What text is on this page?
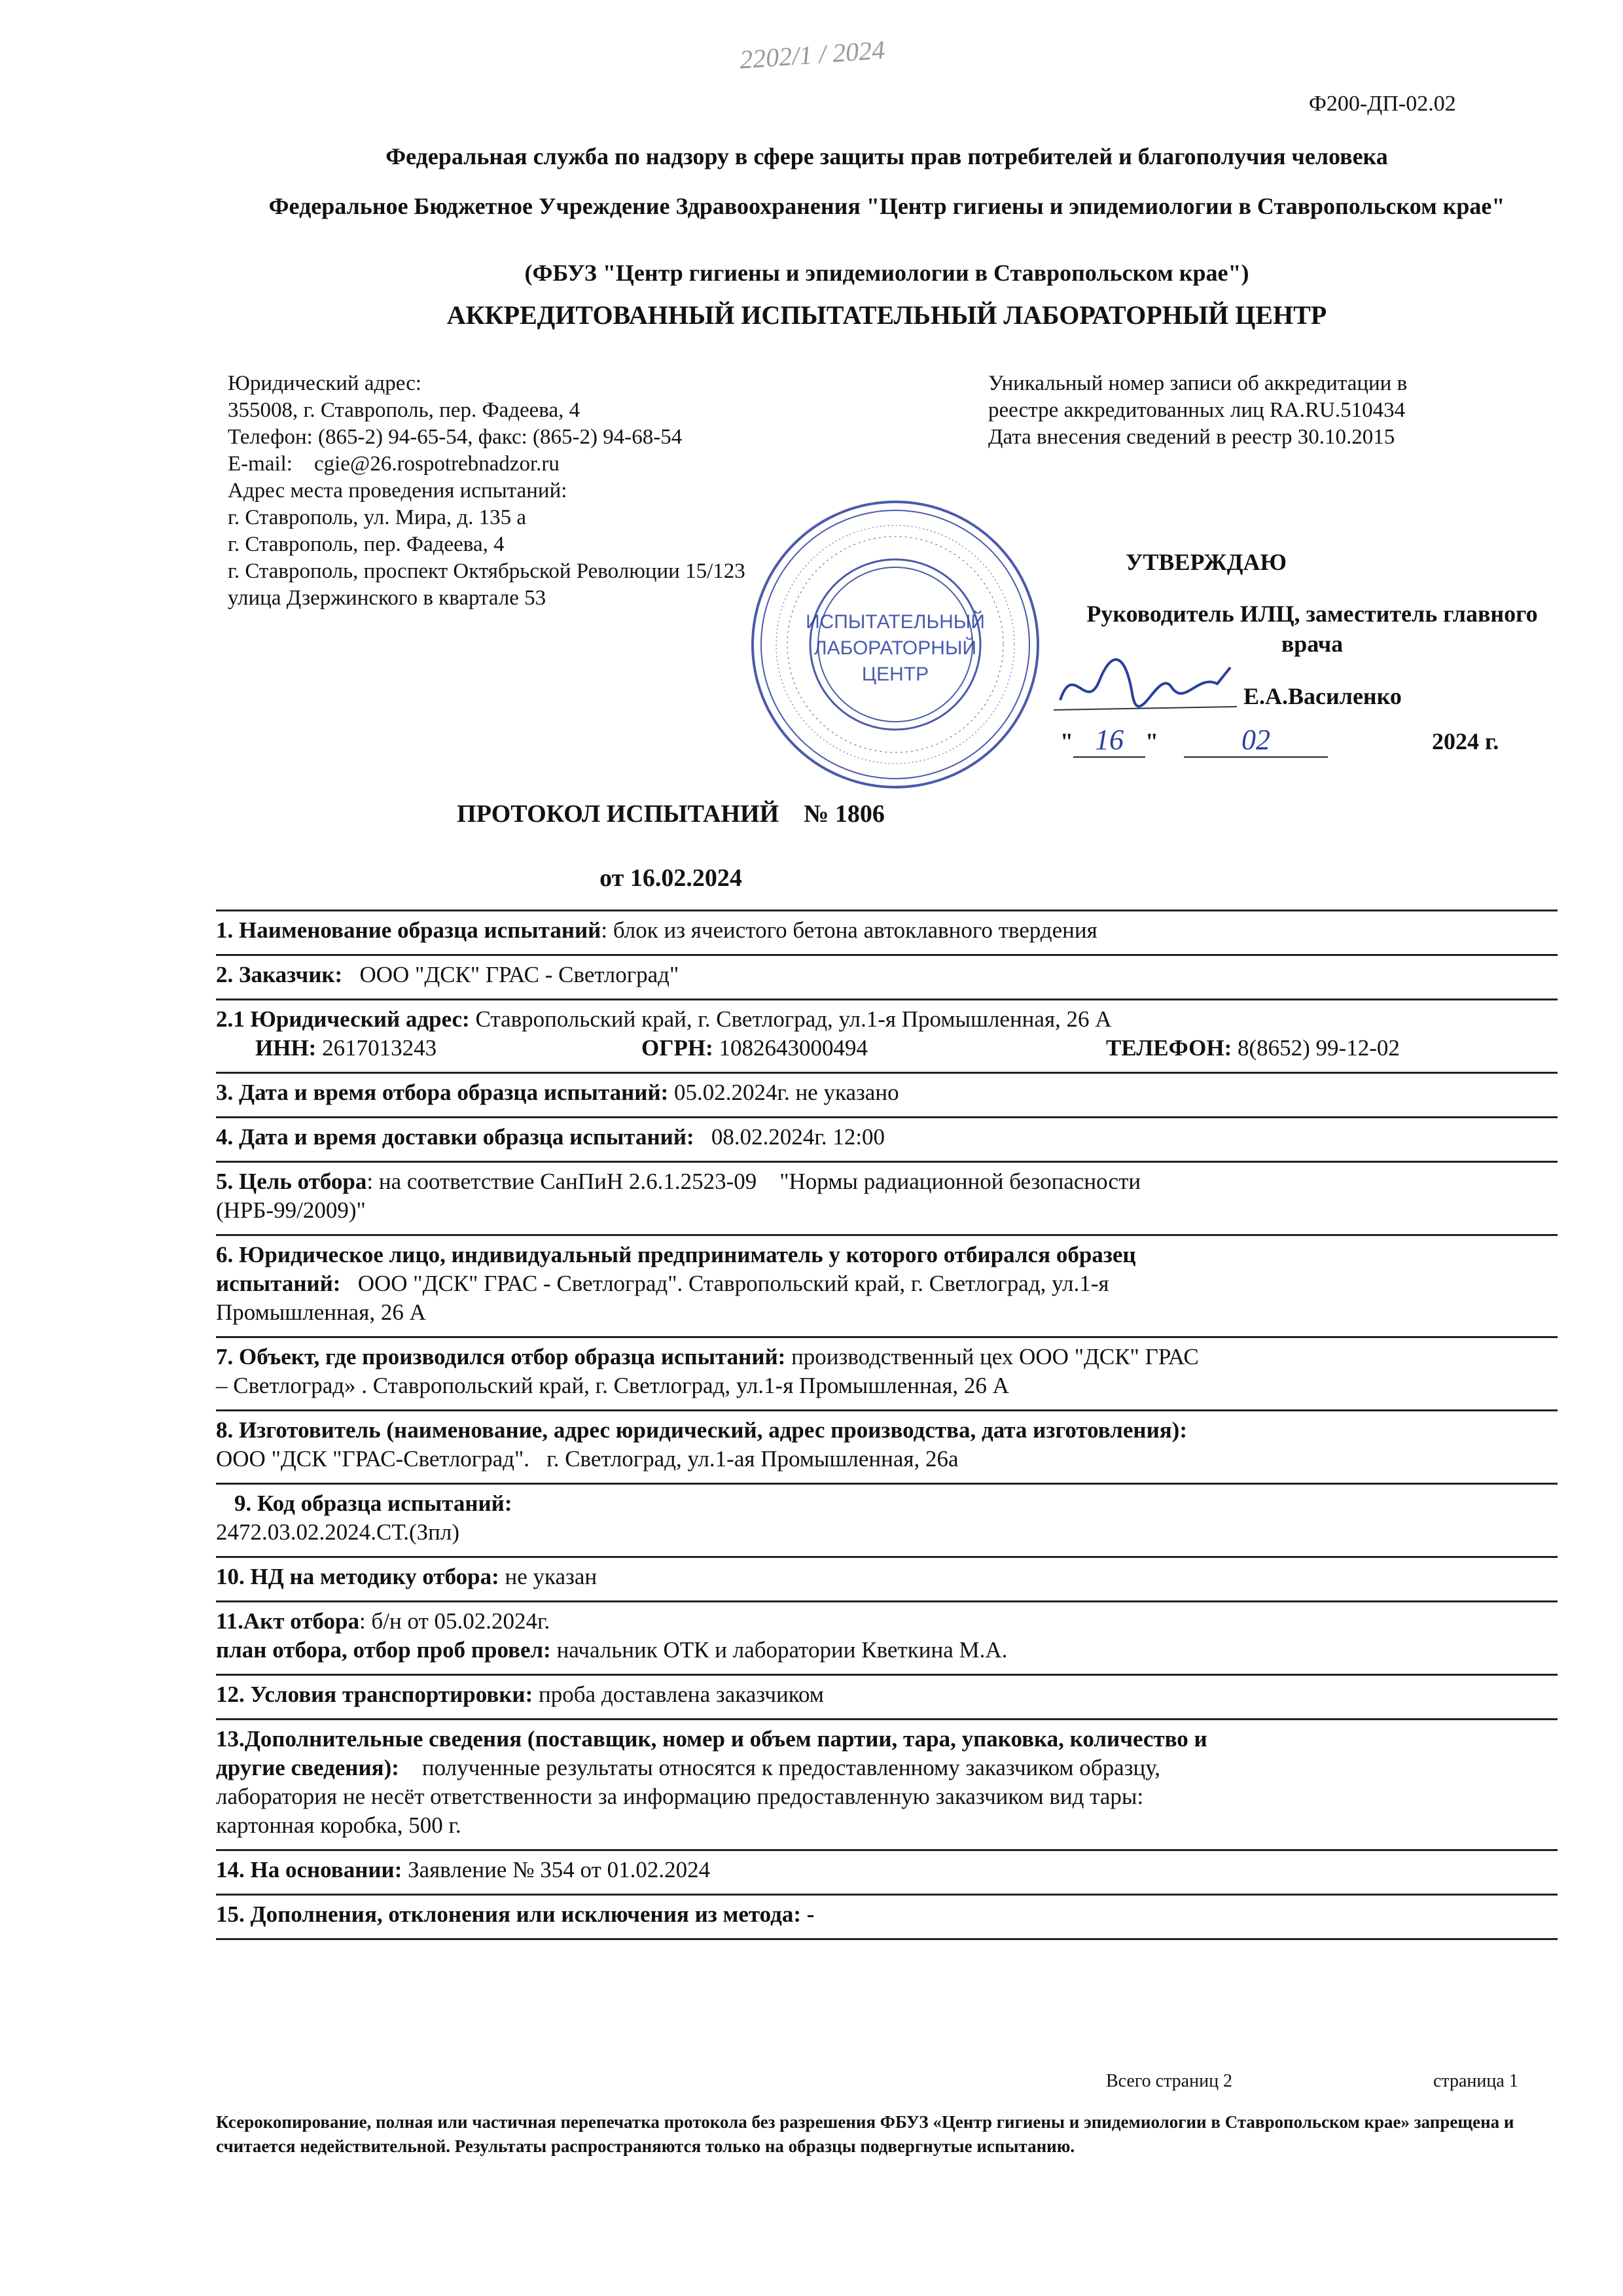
2202/1 / 2024
Ф200-ДП-02.02
Федеральная служба по надзору в сфере защиты прав потребителей и благополучия человека
Федеральное Бюджетное Учреждение Здравоохранения "Центр гигиены и эпидемиологии в Ставропольском крае"
(ФБУЗ "Центр гигиены и эпидемиологии в Ставропольском крае")
АККРЕДИТОВАННЫЙ ИСПЫТАТЕЛЬНЫЙ ЛАБОРАТОРНЫЙ ЦЕНТР
Юридический адрес:
355008, г. Ставрополь, пер. Фадеева, 4
Телефон: (865-2) 94-65-54, факс: (865-2) 94-68-54
E-mail:    cgie@26.rospotrebnadzor.ru
Адрес места проведения испытаний:
г. Ставрополь, ул. Мира, д. 135 а
г. Ставрополь, пер. Фадеева, 4
г. Ставрополь, проспект Октябрьской Революции 15/123
улица Дзержинского в квартале 53
Уникальный номер записи об аккредитации в
реестре аккредитованных лиц RA.RU.510434
Дата внесения сведений в реестр 30.10.2015
ИСПЫТАТЕЛЬНЫЙ
ЛАБОРАТОРНЫЙ
ЦЕНТР
УТВЕРЖДАЮ
Руководитель ИЛЦ, заместитель главного врача
Е.А.Василенко
" 16 "	02	2024 г.
ПРОТОКОЛ ИСПЫТАНИЙ    № 1806
от 16.02.2024
1. Наименование образца испытаний: блок из ячеистого бетона автоклавного твердения
2. Заказчик:   ООО "ДСК" ГРАС - Светлоград"
2.1 Юридический адрес: Ставропольский край, г. Светлоград, ул.1-я Промышленная, 26 А
ИНН: 2617013243	ОГРН: 1082643000494	ТЕЛЕФОН: 8(8652) 99-12-02
3. Дата и время отбора образца испытаний: 05.02.2024г. не указано
4. Дата и время доставки образца испытаний:   08.02.2024г. 12:00
5. Цель отбора: на соответствие СанПиН 2.6.1.2523-09    "Нормы радиационной безопасности
(НРБ-99/2009)"
6. Юридическое лицо, индивидуальный предприниматель у которого отбирался образец
испытаний:   ООО "ДСК" ГРАС - Светлоград". Ставропольский край, г. Светлоград, ул.1-я
Промышленная, 26 А
7. Объект, где производился отбор образца испытаний: производственный цех ООО "ДСК" ГРАС
– Светлоград» . Ставропольский край, г. Светлоград, ул.1-я Промышленная, 26 А
8. Изготовитель (наименование, адрес юридический, адрес производства, дата изготовления):
ООО "ДСК "ГРАС-Светлоград".   г. Светлоград, ул.1-ая Промышленная, 26а
9. Код образца испытаний:
2472.03.02.2024.СТ.(Зпл)
10. НД на методику отбора: не указан
11.Акт отбора: б/н от 05.02.2024г.
план отбора, отбор проб провел: начальник ОТК и лаборатории Кветкина М.А.
12. Условия транспортировки: проба доставлена заказчиком
13.Дополнительные сведения (поставщик, номер и объем партии, тара, упаковка, количество и
другие сведения):    полученные результаты относятся к предоставленному заказчиком образцу,
лаборатория не несёт ответственности за информацию предоставленную заказчиком вид тары:
картонная коробка, 500 г.
14. На основании: Заявление № 354 от 01.02.2024
15. Дополнения, отклонения или исключения из метода: -
Всего страниц 2	страница 1
Ксерокопирование, полная или частичная перепечатка протокола без разрешения ФБУЗ «Центр гигиены и эпидемиологии в Ставропольском крае» запрещена и считается недействительной. Результаты распространяются только на образцы подвергнутые испытанию.
